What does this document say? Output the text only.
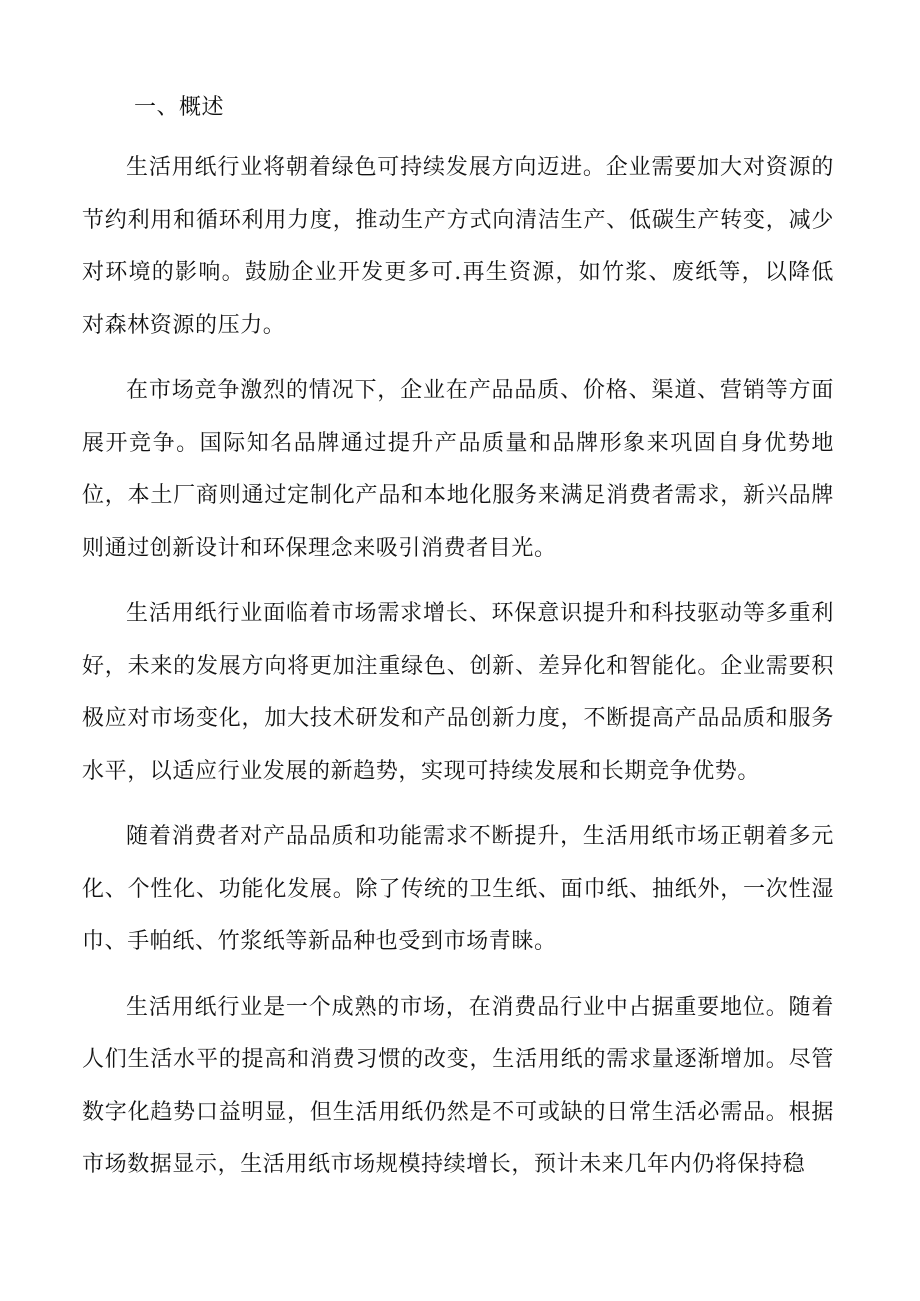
一、概述

生活用纸行业将朝着绿色可持续发展方向迈进。企业需要加大对资源的节约利用和循环利用力度，推动生产方式向清洁生产、低碳生产转变，减少对环境的影响。鼓励企业开发更多可.再生资源，如竹浆、废纸等，以降低对森林资源的压力。

在市场竞争激烈的情况下，企业在产品品质、价格、渠道、营销等方面展开竞争。国际知名品牌通过提升产品质量和品牌形象来巩固自身优势地位，本土厂商则通过定制化产品和本地化服务来满足消费者需求，新兴品牌则通过创新设计和环保理念来吸引消费者目光。

生活用纸行业面临着市场需求增长、环保意识提升和科技驱动等多重利好，未来的发展方向将更加注重绿色、创新、差异化和智能化。企业需要积极应对市场变化，加大技术研发和产品创新力度，不断提高产品品质和服务水平，以适应行业发展的新趋势，实现可持续发展和长期竞争优势。

随着消费者对产品品质和功能需求不断提升，生活用纸市场正朝着多元化、个性化、功能化发展。除了传统的卫生纸、面巾纸、抽纸外，一次性湿巾、手帕纸、竹浆纸等新品种也受到市场青睐。

生活用纸行业是一个成熟的市场，在消费品行业中占据重要地位。随着人们生活水平的提高和消费习惯的改变，生活用纸的需求量逐渐增加。尽管数字化趋势口益明显，但生活用纸仍然是不可或缺的日常生活必需品。根据市场数据显示，生活用纸市场规模持续增长，预计未来几年内仍将保持稳
